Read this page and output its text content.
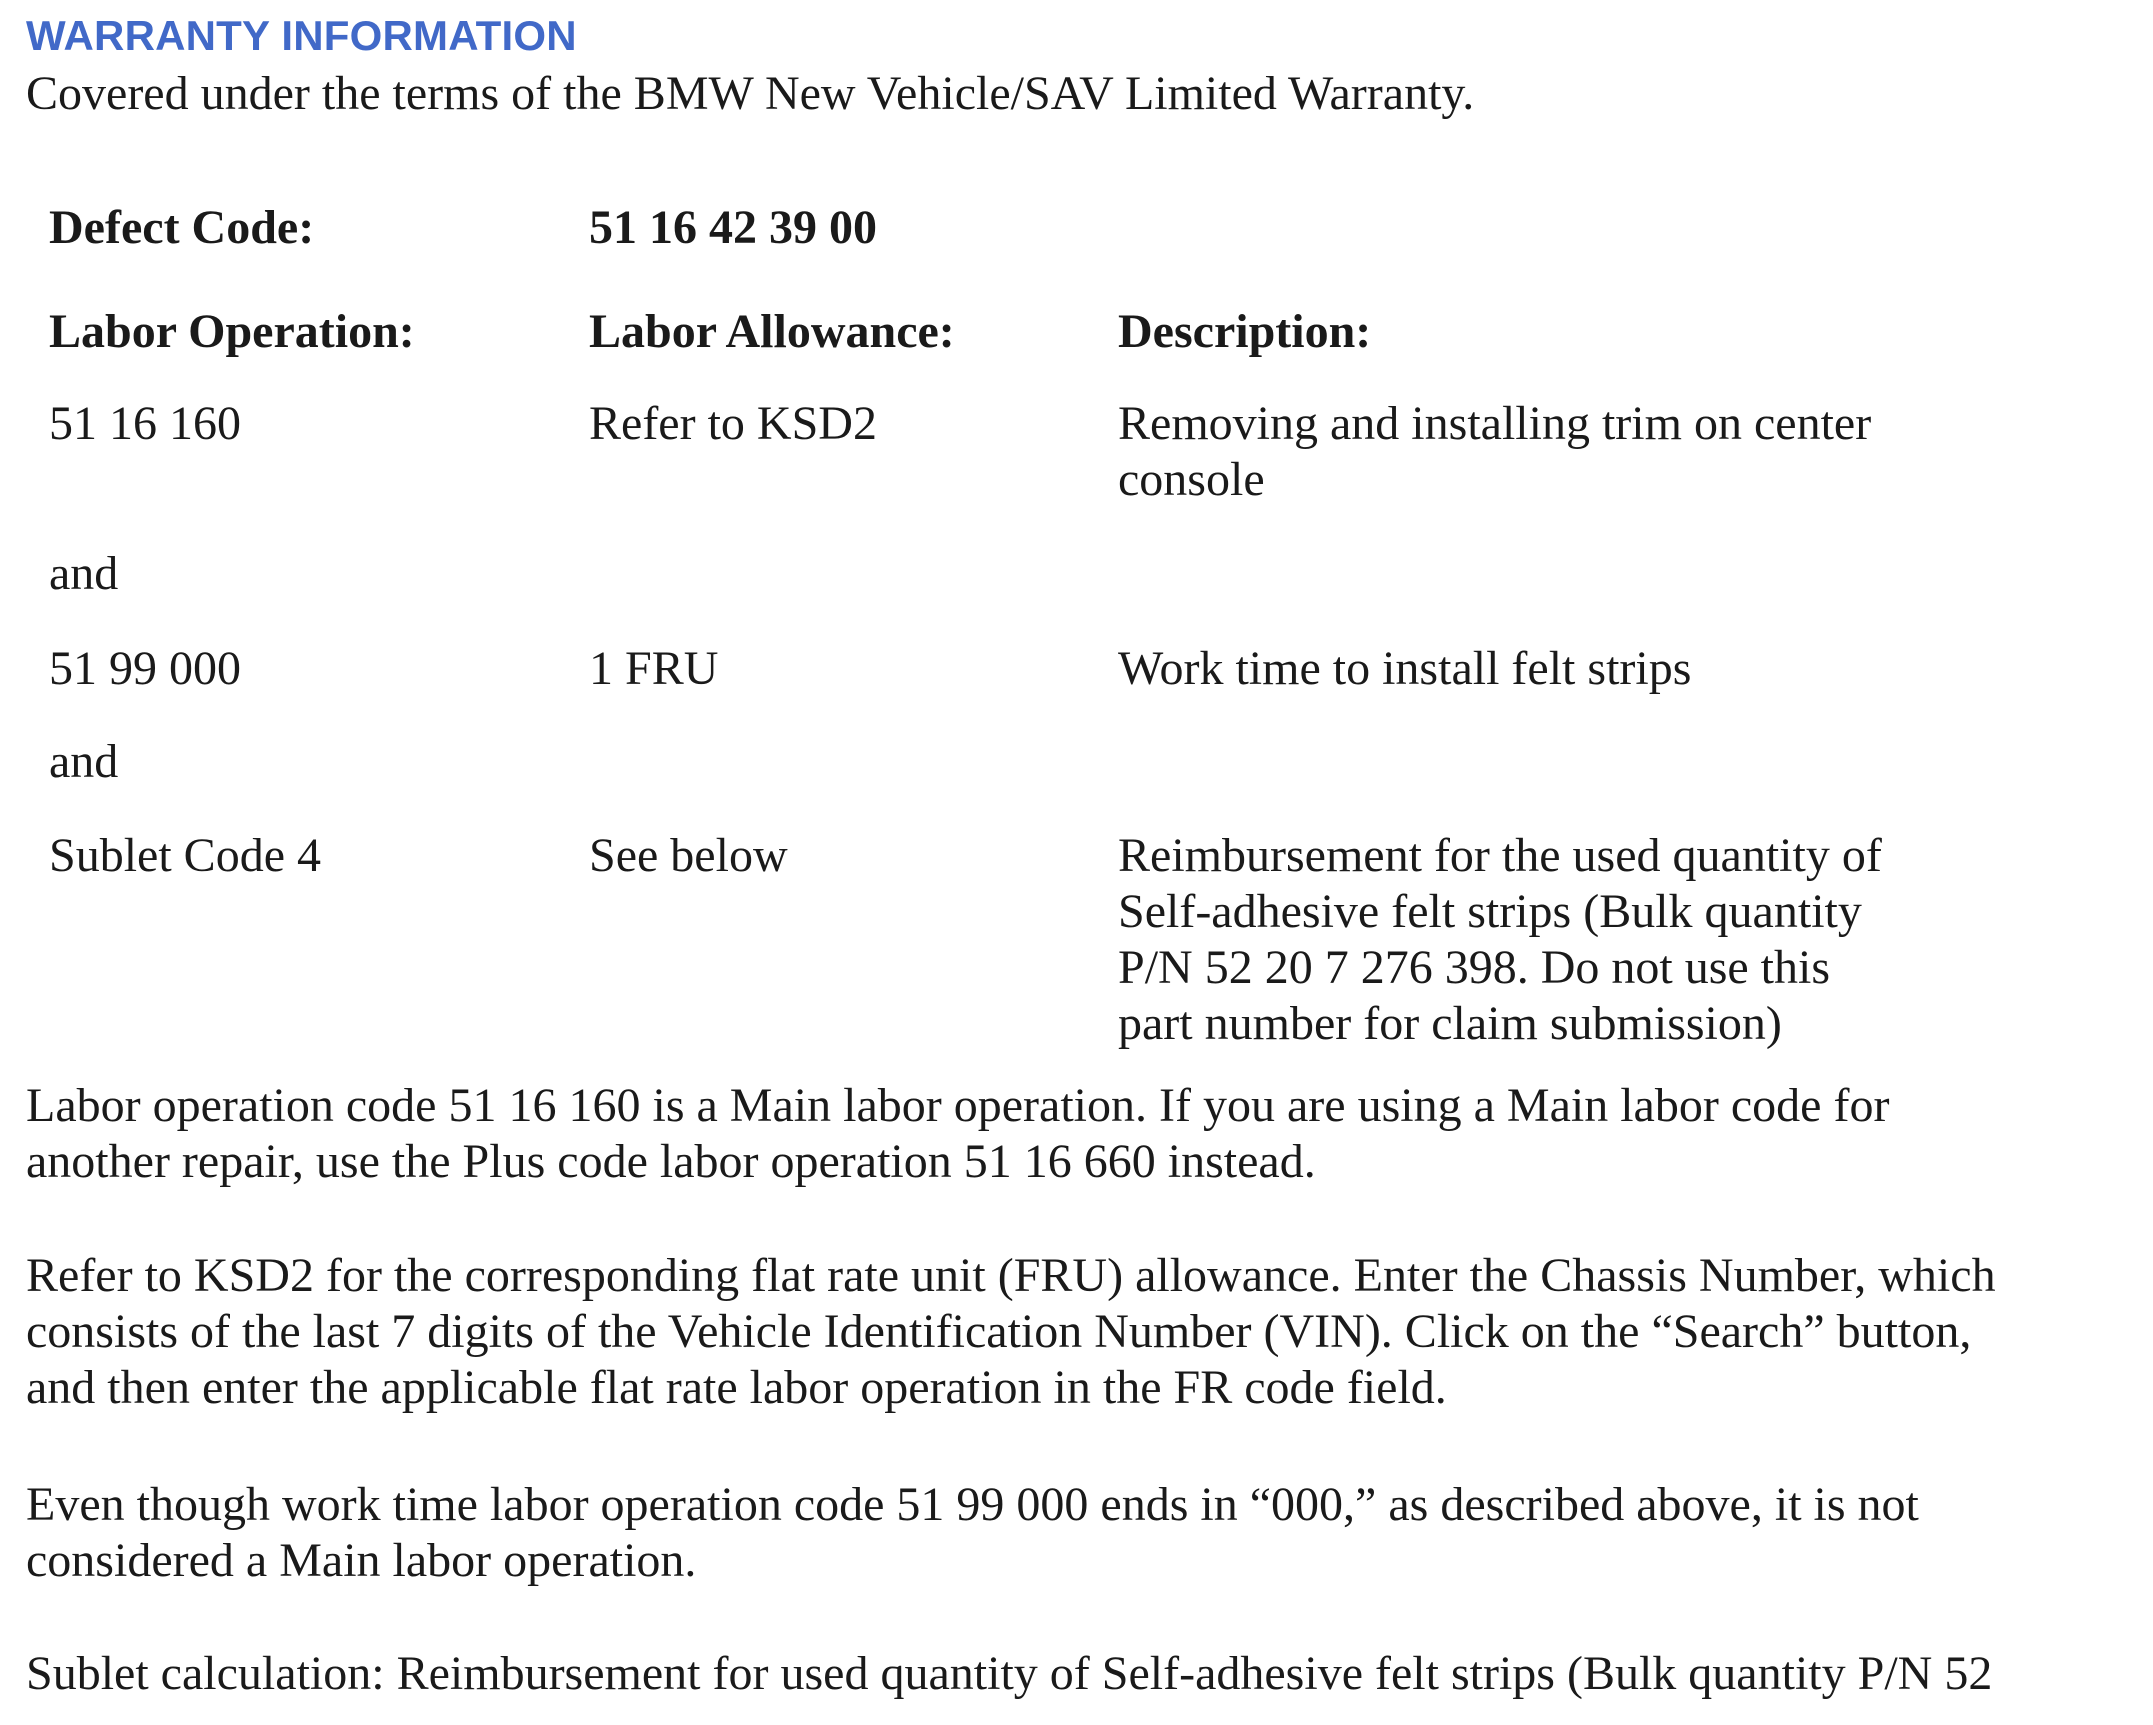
WARRANTY INFORMATION
Covered under the terms of the BMW New Vehicle/SAV Limited Warranty.
Defect Code:	51 16 42 39 00
Labor Operation:	Labor Allowance:	Description:
51 16 160	Refer to KSD2	Removing and installing trim on center
console
and
51 99 000	1 FRU	Work time to install felt strips
and
Sublet Code 4	See below	Reimbursement for the used quantity of
Self-adhesive felt strips (Bulk quantity
P/N 52 20 7 276 398. Do not use this
part number for claim submission)
Labor operation code 51 16 160 is a Main labor operation. If you are using a Main labor code for
another repair, use the Plus code labor operation 51 16 660 instead.
Refer to KSD2 for the corresponding flat rate unit (FRU) allowance. Enter the Chassis Number, which
consists of the last 7 digits of the Vehicle Identification Number (VIN). Click on the “Search” button,
and then enter the applicable flat rate labor operation in the FR code field.
Even though work time labor operation code 51 99 000 ends in “000,” as described above, it is not
considered a Main labor operation.
Sublet calculation: Reimbursement for used quantity of Self-adhesive felt strips (Bulk quantity P/N 52
